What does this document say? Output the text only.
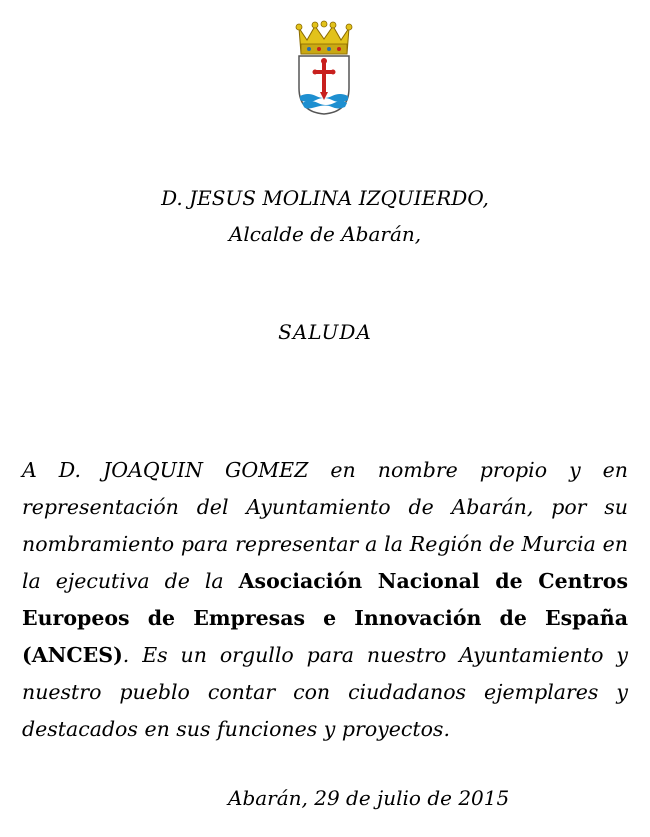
D. JESUS MOLINA IZQUIERDO,
Alcalde de Abarán,
SALUDA
A D. JOAQUIN GOMEZ en nombre propio y en representación del Ayuntamiento de Abarán, por su nombramiento para representar a la Región de Murcia en la ejecutiva de la Asociación Nacional de Centros Europeos de Empresas e Innovación de España (ANCES). Es un orgullo para nuestro Ayuntamiento y nuestro pueblo contar con ciudadanos ejemplares y destacados en sus funciones y proyectos.
Abarán, 29 de julio de 2015
